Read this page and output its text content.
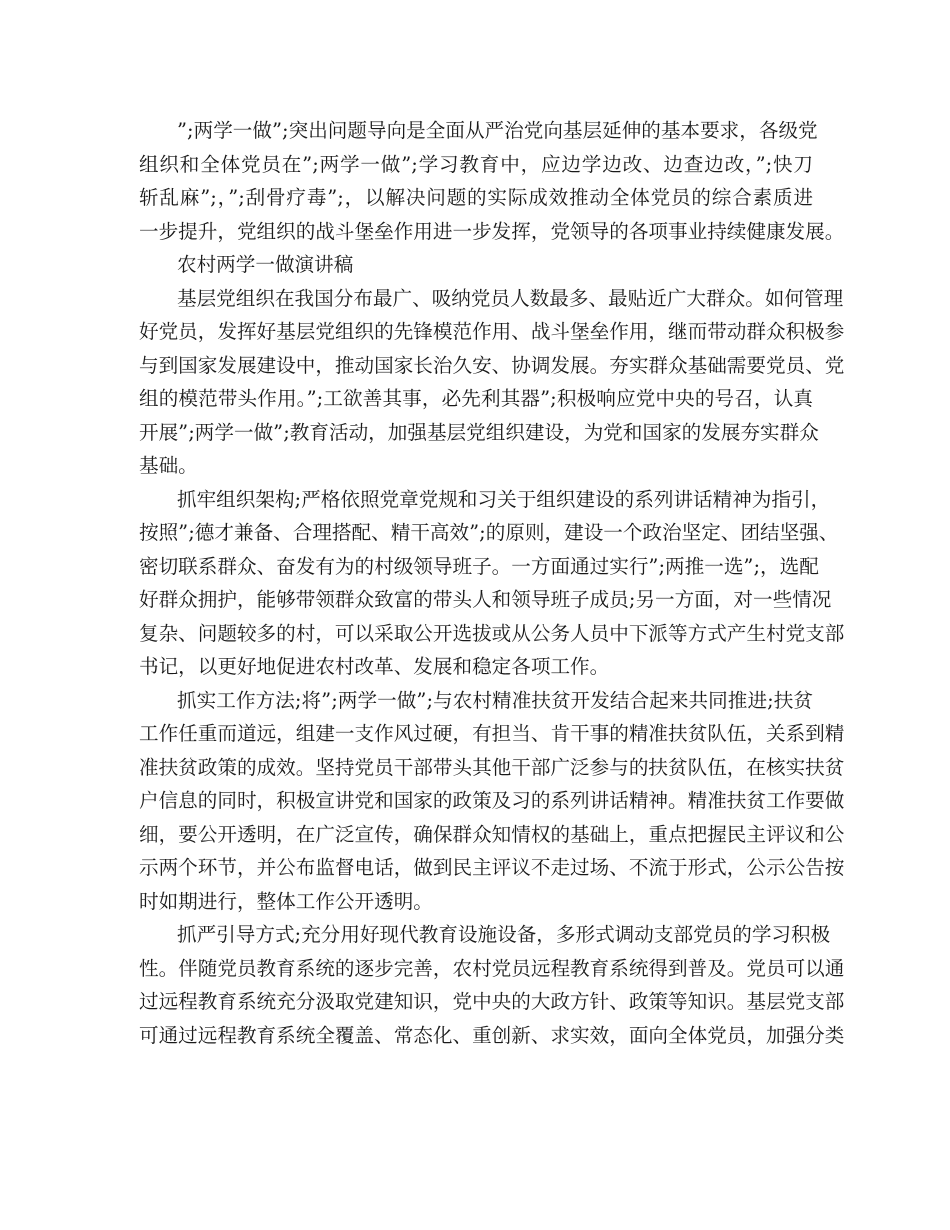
”;两学一做”;突出问题导向是全面从严治党向基层延伸的基本要求，各级党
组织和全体党员在”;两学一做”;学习教育中，应边学边改、边查边改，”;快刀
斩乱麻”;，”;刮骨疗毒”;，以解决问题的实际成效推动全体党员的综合素质进
一步提升，党组织的战斗堡垒作用进一步发挥，党领导的各项事业持续健康发展。
农村两学一做演讲稿
基层党组织在我国分布最广、吸纳党员人数最多、最贴近广大群众。如何管理
好党员，发挥好基层党组织的先锋模范作用、战斗堡垒作用，继而带动群众积极参
与到国家发展建设中，推动国家长治久安、协调发展。夯实群众基础需要党员、党
组的模范带头作用。”;工欲善其事，必先利其器”;积极响应党中央的号召，认真
开展”;两学一做”;教育活动，加强基层党组织建设，为党和国家的发展夯实群众
基础。
抓牢组织架构;严格依照党章党规和习关于组织建设的系列讲话精神为指引，
按照”;德才兼备、合理搭配、精干高效”;的原则，建设一个政治坚定、团结坚强、
密切联系群众、奋发有为的村级领导班子。一方面通过实行”;两推一选”;，选配
好群众拥护，能够带领群众致富的带头人和领导班子成员;另一方面，对一些情况
复杂、问题较多的村，可以采取公开选拔或从公务人员中下派等方式产生村党支部
书记，以更好地促进农村改革、发展和稳定各项工作。
抓实工作方法;将”;两学一做”;与农村精准扶贫开发结合起来共同推进;扶贫
工作任重而道远，组建一支作风过硬，有担当、肯干事的精准扶贫队伍，关系到精
准扶贫政策的成效。坚持党员干部带头其他干部广泛参与的扶贫队伍，在核实扶贫
户信息的同时，积极宣讲党和国家的政策及习的系列讲话精神。精准扶贫工作要做
细，要公开透明，在广泛宣传，确保群众知情权的基础上，重点把握民主评议和公
示两个环节，并公布监督电话，做到民主评议不走过场、不流于形式，公示公告按
时如期进行，整体工作公开透明。
抓严引导方式;充分用好现代教育设施设备，多形式调动支部党员的学习积极
性。伴随党员教育系统的逐步完善，农村党员远程教育系统得到普及。党员可以通
过远程教育系统充分汲取党建知识，党中央的大政方针、政策等知识。基层党支部
可通过远程教育系统全覆盖、常态化、重创新、求实效，面向全体党员，加强分类
